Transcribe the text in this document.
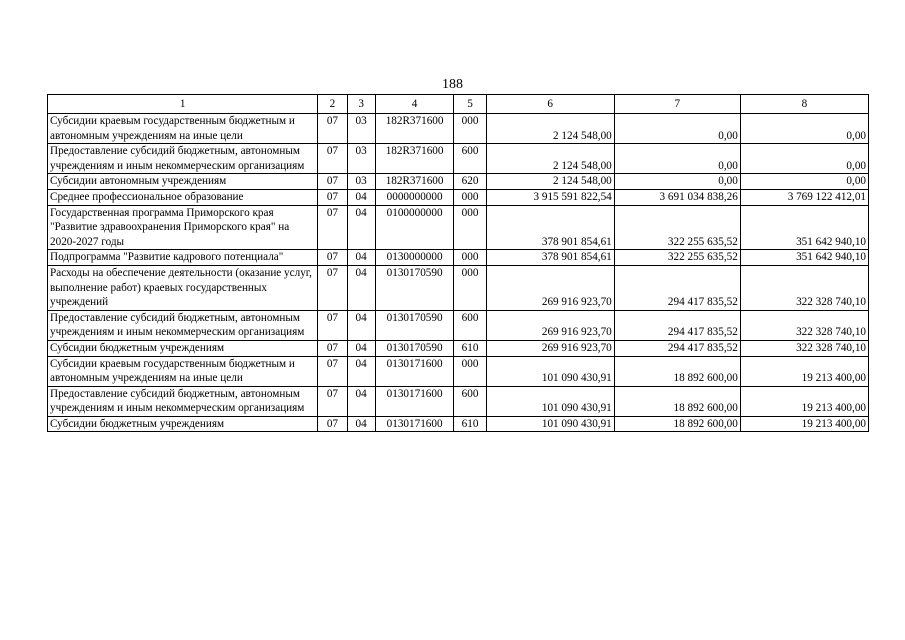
188
1	2	3	4	5	6	7	8
Субсидии краевым государственным бюджетным и автономным учреждениям на иные цели	07	03	182R371600	000	2 124 548,00	0,00	0,00
Предоставление субсидий бюджетным, автономным учреждениям и иным некоммерческим организациям	07	03	182R371600	600	2 124 548,00	0,00	0,00
Субсидии автономным учреждениям	07	03	182R371600	620	2 124 548,00	0,00	0,00
Среднее профессиональное образование	07	04	0000000000	000	3 915 591 822,54	3 691 034 838,26	3 769 122 412,01
Государственная программа Приморского края "Развитие здравоохранения Приморского края" на 2020-2027 годы	07	04	0100000000	000	378 901 854,61	322 255 635,52	351 642 940,10
Подпрограмма "Развитие кадрового потенциала"	07	04	0130000000	000	378 901 854,61	322 255 635,52	351 642 940,10
Расходы на обеспечение деятельности (оказание услуг, выполнение работ) краевых государственных учреждений	07	04	0130170590	000	269 916 923,70	294 417 835,52	322 328 740,10
Предоставление субсидий бюджетным, автономным учреждениям и иным некоммерческим организациям	07	04	0130170590	600	269 916 923,70	294 417 835,52	322 328 740,10
Субсидии бюджетным учреждениям	07	04	0130170590	610	269 916 923,70	294 417 835,52	322 328 740,10
Субсидии краевым государственным бюджетным и автономным учреждениям на иные цели	07	04	0130171600	000	101 090 430,91	18 892 600,00	19 213 400,00
Предоставление субсидий бюджетным, автономным учреждениям и иным некоммерческим организациям	07	04	0130171600	600	101 090 430,91	18 892 600,00	19 213 400,00
Субсидии бюджетным учреждениям	07	04	0130171600	610	101 090 430,91	18 892 600,00	19 213 400,00
